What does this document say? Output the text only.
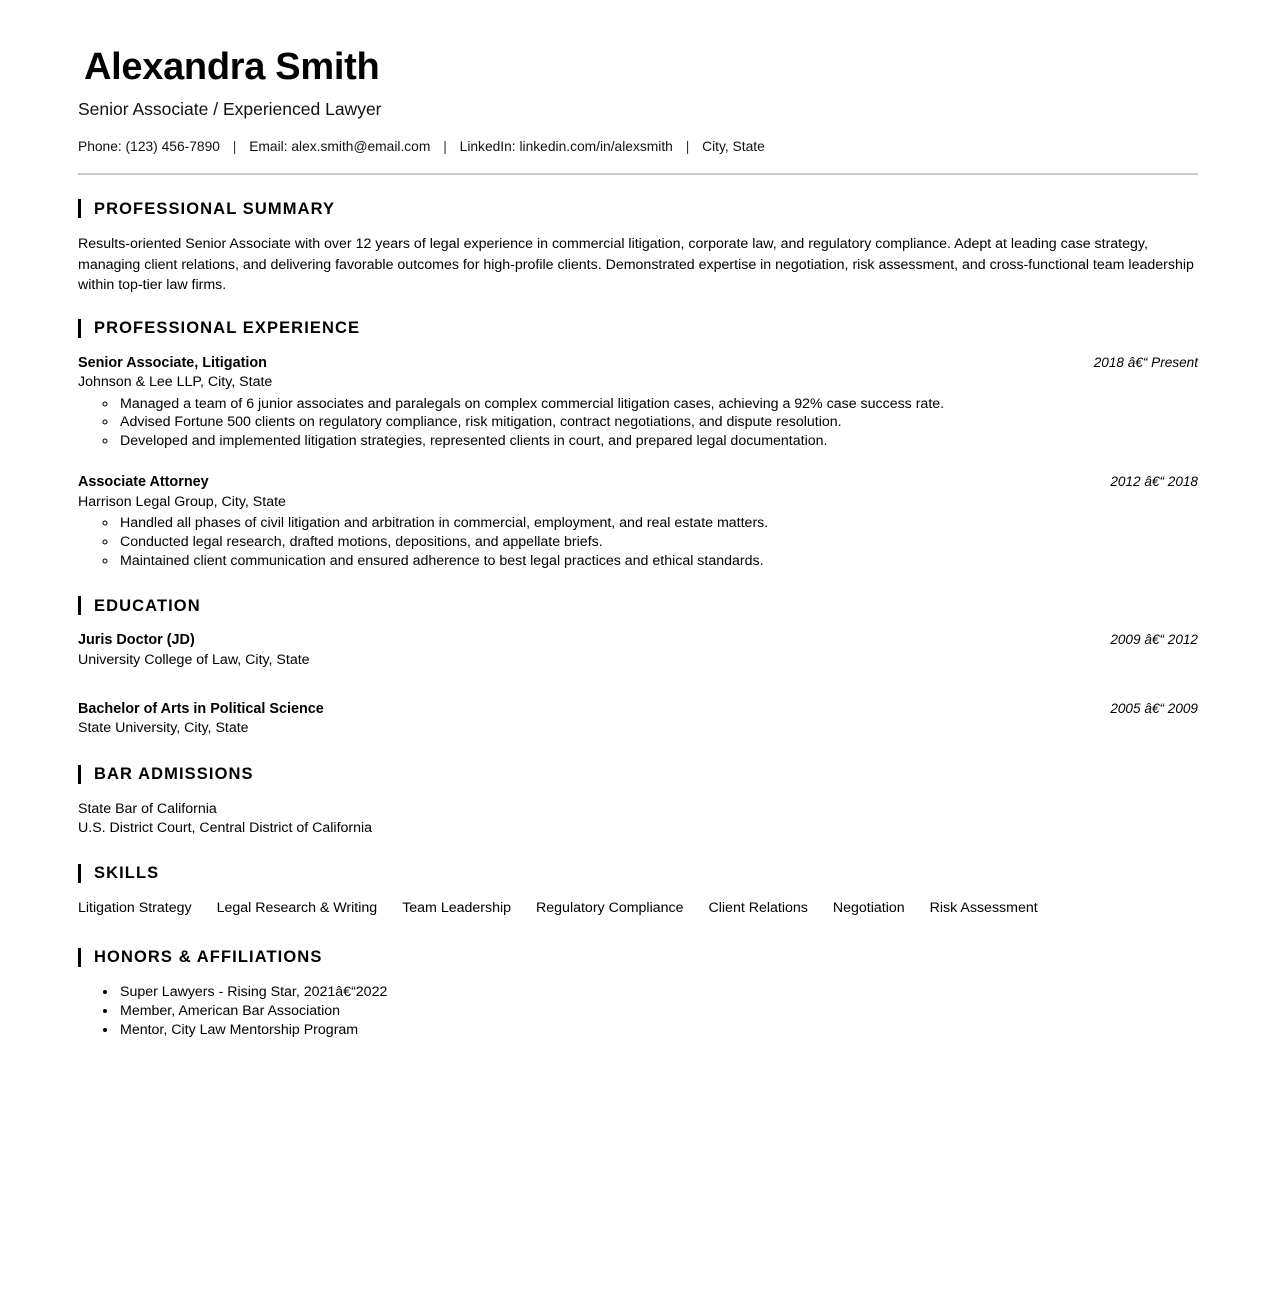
Alexandra Smith
Senior Associate / Experienced Lawyer
Phone: (123) 456-7890 | Email: alex.smith@email.com | LinkedIn: linkedin.com/in/alexsmith | City, State
PROFESSIONAL SUMMARY

Results-oriented Senior Associate with over 12 years of legal experience in commercial litigation, corporate law, and regulatory compliance. Adept at leading case strategy, managing client relations, and delivering favorable outcomes for high-profile clients. Demonstrated expertise in negotiation, risk assessment, and cross-functional team leadership within top-tier law firms.

PROFESSIONAL EXPERIENCE
Senior Associate, Litigation	2018 â€“ Present
Johnson & Lee LLP, City, State
◦ Managed a team of 6 junior associates and paralegals on complex commercial litigation cases, achieving a 92% case success rate.
◦ Advised Fortune 500 clients on regulatory compliance, risk mitigation, contract negotiations, and dispute resolution.
◦ Developed and implemented litigation strategies, represented clients in court, and prepared legal documentation.
Associate Attorney	2012 â€“ 2018
Harrison Legal Group, City, State
◦ Handled all phases of civil litigation and arbitration in commercial, employment, and real estate matters.
◦ Conducted legal research, drafted motions, depositions, and appellate briefs.
◦ Maintained client communication and ensured adherence to best legal practices and ethical standards.
EDUCATION
Juris Doctor (JD)	2009 â€“ 2012
University College of Law, City, State
Bachelor of Arts in Political Science	2005 â€“ 2009
State University, City, State
BAR ADMISSIONS
State Bar of California
U.S. District Court, Central District of California
SKILLS
Litigation Strategy Legal Research & Writing Team Leadership Regulatory Compliance Client Relations Negotiation Risk Assessment
HONORS & AFFILIATIONS
• Super Lawyers - Rising Star, 2021â€“2022
• Member, American Bar Association
• Mentor, City Law Mentorship Program
